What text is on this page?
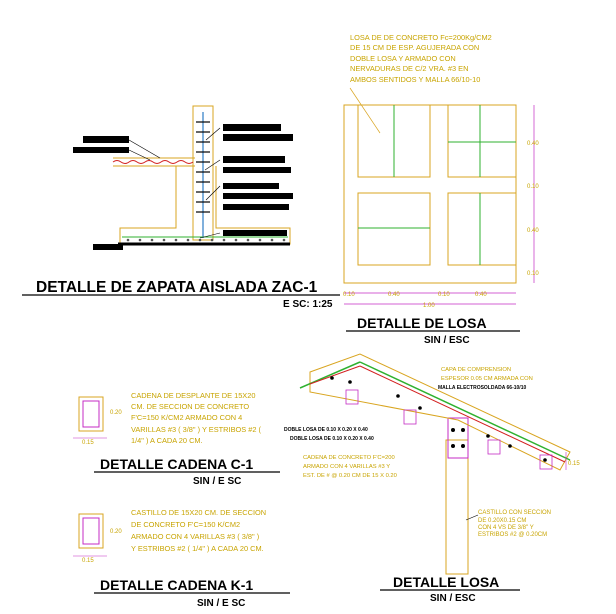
DETALLE DE ZAPATA AISLADA ZAC-1
E SC: 1:25
LOSA DE DE CONCRETO Fc=200Kg/CM2
DE 15 CM DE ESP. AGUJERADA CON
DOBLE LOSA Y ARMADO CON
NERVADURAS DE C/2 VRA. #3 EN
AMBOS SENTIDOS Y MALLA 66/10-10
0.40
0.10
0.40
0.10
0.10	0.40	0.10	0.40
1.00
DETALLE DE LOSA
SIN / ESC
0.20
0.15
CADENA DE DESPLANTE DE 15X20
CM. DE SECCION DE CONCRETO
F'C=150 K/CM2 ARMADO CON 4
VARILLAS #3 ( 3/8" ) Y ESTRIBOS #2 (
1/4" ) A CADA 20 CM.
DETALLE CADENA C-1
SIN / E SC
0.20
0.15
CASTILLO DE 15X20 CM. DE SECCION
DE CONCRETO F'C=150 K/CM2
ARMADO CON 4 VARILLAS #3 ( 3/8" )
Y ESTRIBOS #2 ( 1/4" ) A CADA 20 CM.
DETALLE CADENA K-1
SIN / E SC
0.15
CAPA DE COMPRENSION
ESPESOR 0.05 CM ARMADA CON
MALLA ELECTROSOLDADA 66-10/10
DOBLE LOSA DE 0.10 X 0.20 X 0.40
DOBLE LOSA DE 0.10 X 0.20 X 0.40
CADENA DE CONCRETO F'C=200
ARMADO CON 4 VARILLAS #3 Y
EST. DE # @ 0.20 CM DE 15 X 0.20
CASTILLO CON SECCION
DE 0.20X0.15 CM
CON 4 VS DE 3/8" Y
ESTRIBOS #2 @ 0.20CM
DETALLE LOSA
SIN / ESC
